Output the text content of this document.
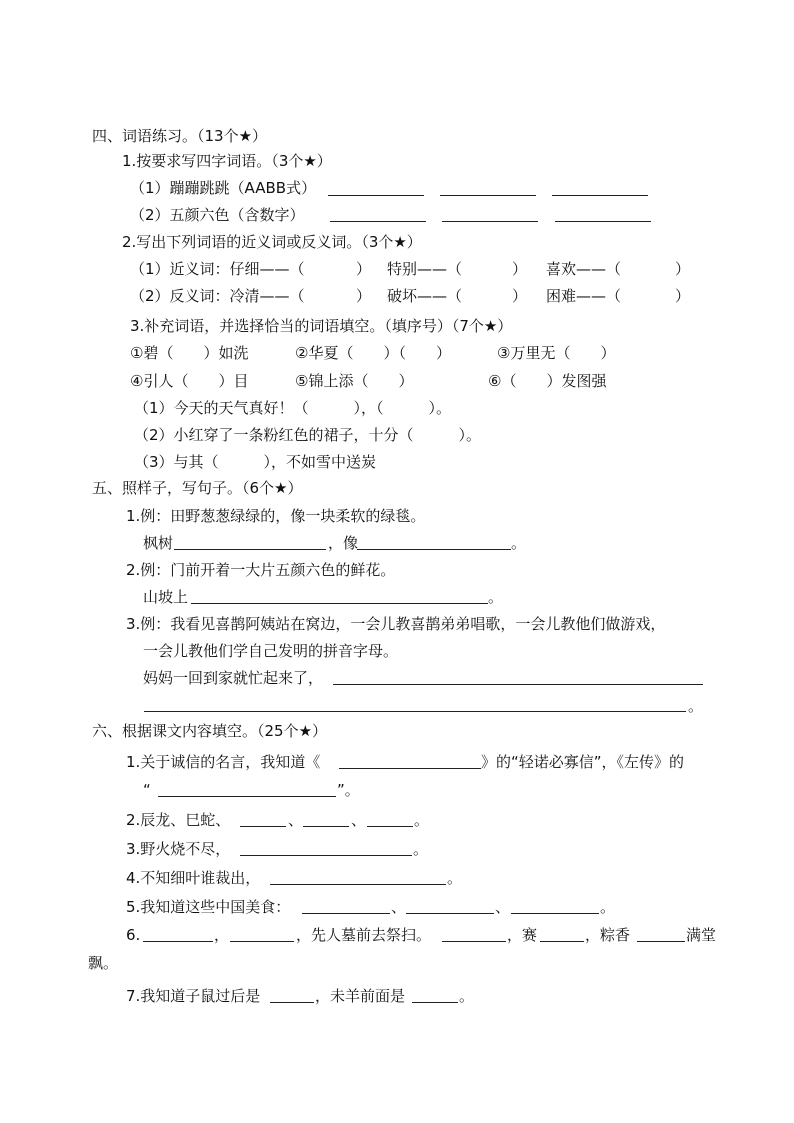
四、词语练习。（13个★）
1.按要求写四字词语。（3个★）
（1）蹦蹦跳跳（AABB式）
（2）五颜六色（含数字）
2.写出下列词语的近义词或反义词。（3个★）
（1）近义词：仔细——（	） 特别——（	） 喜欢——（	）
（2）反义词：冷清——（	） 破坏——（	） 困难——（	）
3.补充词语，并选择恰当的词语填空。（填序号）（7个★）
①碧（　　）如洗	②华夏（　　）（　　）	③万里无（　　）
④引人（　　）目	⑤锦上添（　　）	⑥（　　）发图强
（1）今天的天气真好！（　　　），（　　　）。
（2）小红穿了一条粉红色的裙子，十分（　　　）。
（3）与其（　　　），不如雪中送炭
五、照样子，写句子。（6个★）
1.例：田野葱葱绿绿的，像一块柔软的绿毯。
枫树	，像	。
2.例：门前开着一大片五颜六色的鲜花。
山坡上	。
3.例：我看见喜鹊阿姨站在窝边，一会儿教喜鹊弟弟唱歌，一会儿教他们做游戏，
一会儿教他们学自己发明的拼音字母。
妈妈一回到家就忙起来了，
。
六、根据课文内容填空。（25个★）
1.关于诚信的名言，我知道《	》的“轻诺必寡信”，《左传》的
“	”。
2.辰龙、巳蛇、	、	、	。
3.野火烧不尽，	。
4.不知细叶谁裁出，	。
5.我知道这些中国美食：	、	、	。
6.	，	，先人墓前去祭扫。	，赛	，粽香	满堂
飘。
7.我知道子鼠过后是	，未羊前面是	。
